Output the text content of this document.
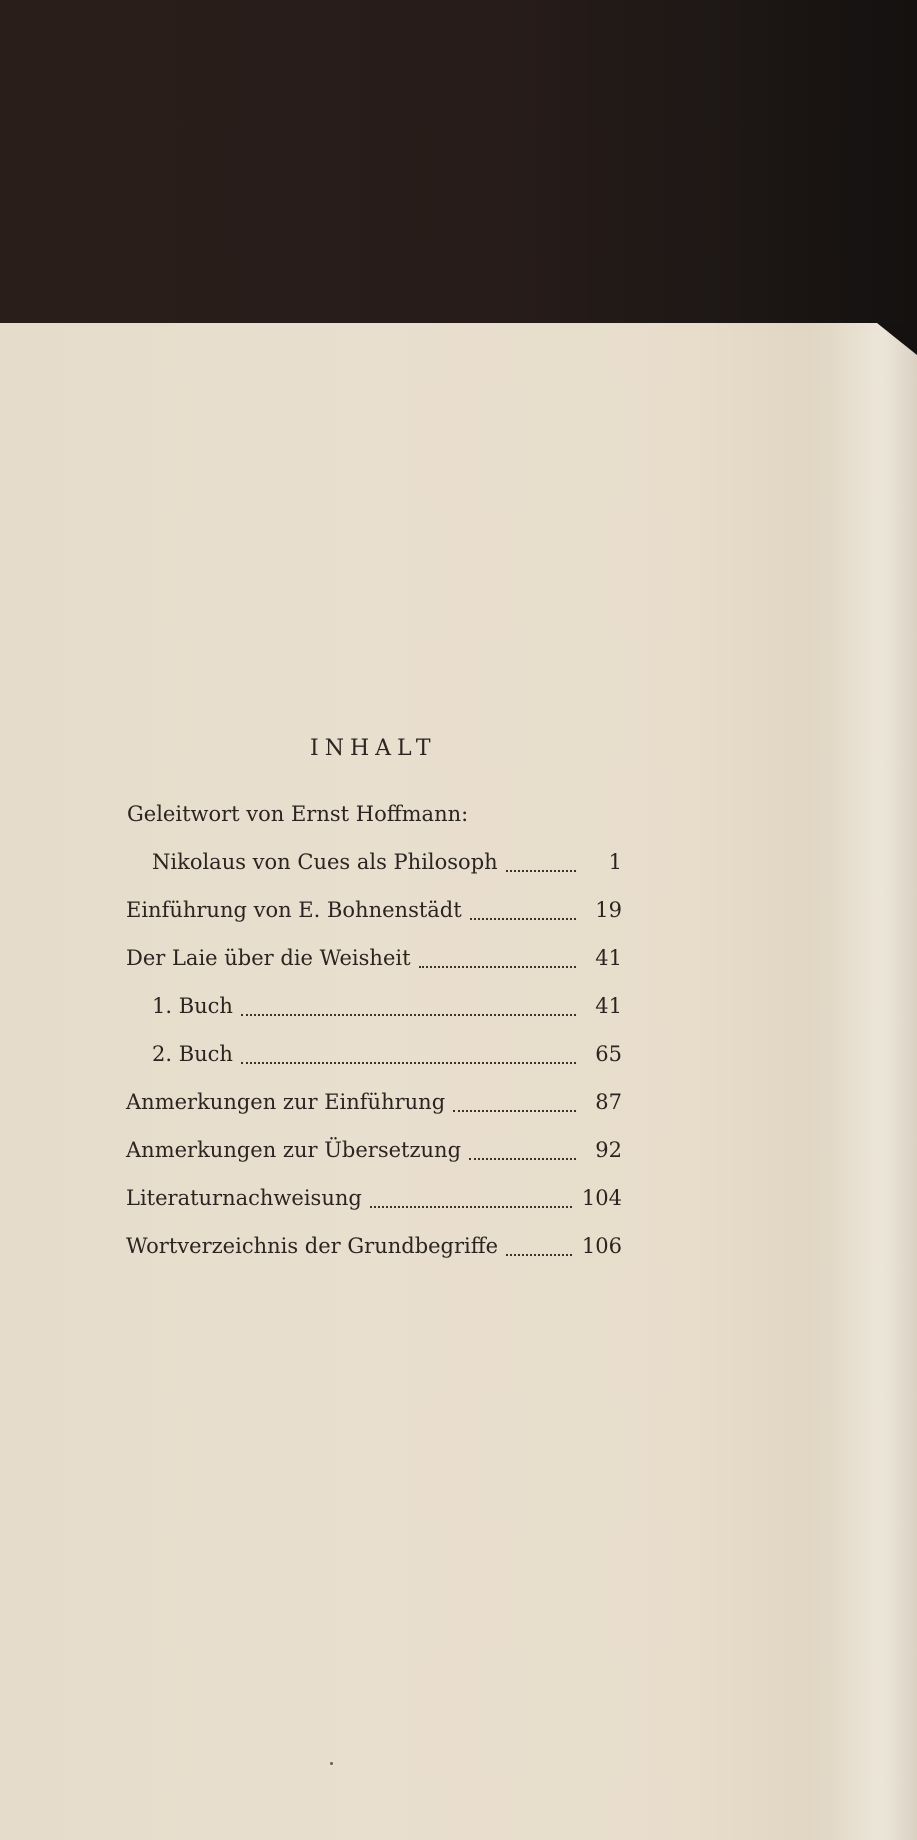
INHALT
Geleitwort von Ernst Hoffmann:
Nikolaus von Cues als Philosoph	1
Einführung von E. Bohnenstädt	19
Der Laie über die Weisheit	41
1. Buch	41
2. Buch	65
Anmerkungen zur Einführung	87
Anmerkungen zur Übersetzung	92
Literaturnachweisung	104
Wortverzeichnis der Grundbegriffe	106
